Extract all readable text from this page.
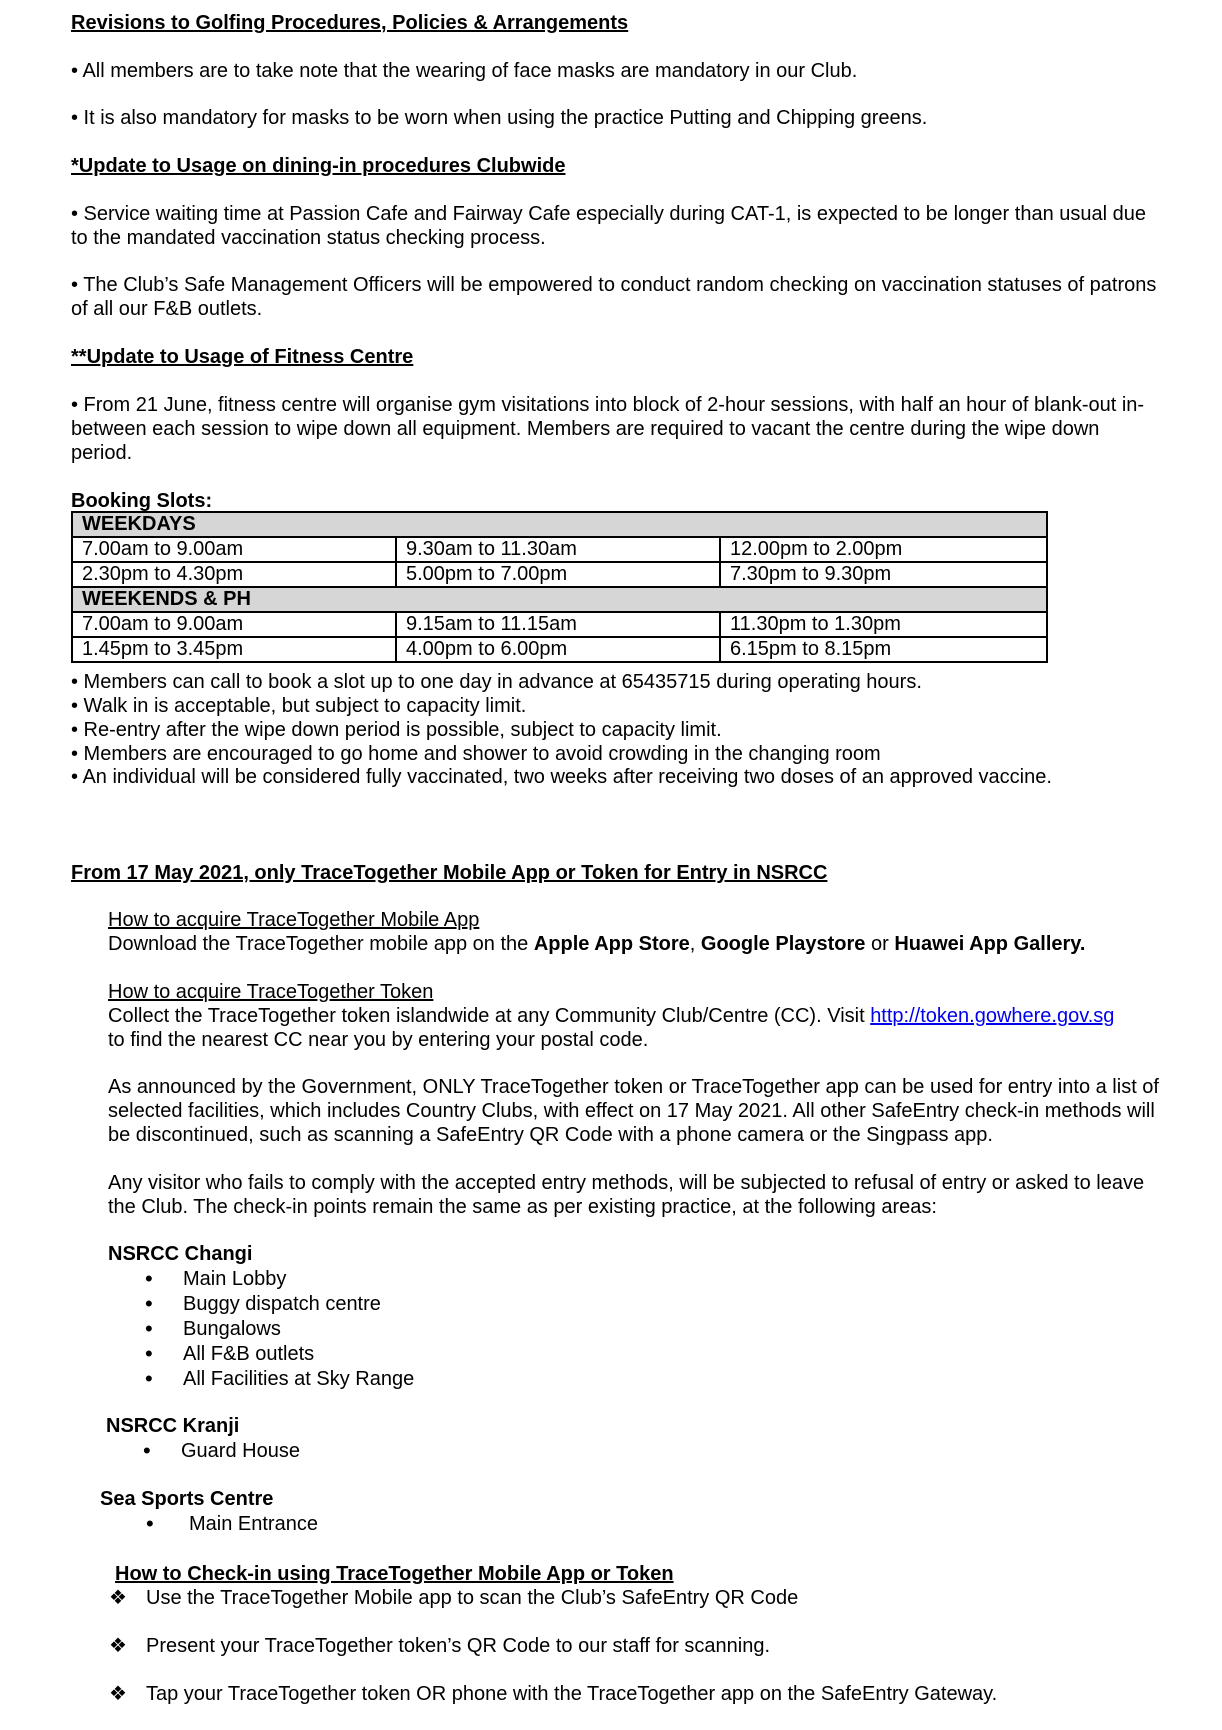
Revisions to Golfing Procedures, Policies & Arrangements
• All members are to take note that the wearing of face masks are mandatory in our Club.
• It is also mandatory for masks to be worn when using the practice Putting and Chipping greens.
*Update to Usage on dining-in procedures Clubwide
• Service waiting time at Passion Cafe and Fairway Cafe especially during CAT-1, is expected to be longer than usual due to the mandated vaccination status checking process.
• The Club’s Safe Management Officers will be empowered to conduct random checking on vaccination statuses of patrons of all our F&B outlets.
**Update to Usage of Fitness Centre
• From 21 June, fitness centre will organise gym visitations into block of 2-hour sessions, with half an hour of blank-out in-between each session to wipe down all equipment. Members are required to vacant the centre during the wipe down period.
Booking Slots:
WEEKDAYS		
7.00am to 9.00am	9.30am to 11.30am	12.00pm to 2.00pm
2.30pm to 4.30pm	5.00pm to 7.00pm	7.30pm to 9.30pm
WEEKENDS & PH		
7.00am to 9.00am	9.15am to 11.15am	11.30pm to 1.30pm
1.45pm to 3.45pm	4.00pm to 6.00pm	6.15pm to 8.15pm
• Members can call to book a slot up to one day in advance at 65435715 during operating hours.
• Walk in is acceptable, but subject to capacity limit.
• Re-entry after the wipe down period is possible, subject to capacity limit.
• Members are encouraged to go home and shower to avoid crowding in the changing room
• An individual will be considered fully vaccinated, two weeks after receiving two doses of an approved vaccine.
From 17 May 2021, only TraceTogether Mobile App or Token for Entry in NSRCC
How to acquire TraceTogether Mobile App
Download the TraceTogether mobile app on the Apple App Store, Google Playstore or Huawei App Gallery.
How to acquire TraceTogether Token
Collect the TraceTogether token islandwide at any Community Club/Centre (CC). Visit http://token.gowhere.gov.sg
to find the nearest CC near you by entering your postal code.
As announced by the Government, ONLY TraceTogether token or TraceTogether app can be used for entry into a list of selected facilities, which includes Country Clubs, with effect on 17 May 2021. All other SafeEntry check-in methods will be discontinued, such as scanning a SafeEntry QR Code with a phone camera or the Singpass app.
Any visitor who fails to comply with the accepted entry methods, will be subjected to refusal of entry or asked to leave the Club. The check-in points remain the same as per existing practice, at the following areas:
NSRCC Changi
• Main Lobby
• Buggy dispatch centre
• Bungalows
• All F&B outlets
• All Facilities at Sky Range
NSRCC Kranji
• Guard House
Sea Sports Centre
• Main Entrance
How to Check-in using TraceTogether Mobile App or Token
❖ Use the TraceTogether Mobile app to scan the Club’s SafeEntry QR Code
❖ Present your TraceTogether token’s QR Code to our staff for scanning.
❖ Tap your TraceTogether token OR phone with the TraceTogether app on the SafeEntry Gateway.
